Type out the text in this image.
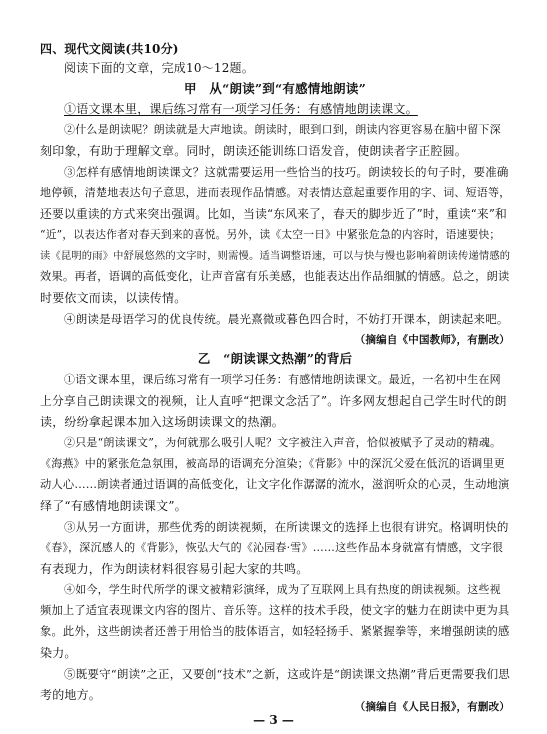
四、现代文阅读(共10分)
阅读下面的文章，完成10～12题。
甲　从“朗读”到“有感情地朗读”
①语文课本里，课后练习常有一项学习任务：有感情地朗读课文。
②什么是朗读呢？朗读就是大声地读。朗读时，眼到口到，朗读内容更容易在脑中留下深
刻印象，有助于理解文章。同时，朗读还能训练口语发音，使朗读者字正腔圆。
③怎样有感情地朗读课文？这就需要运用一些恰当的技巧。朗读较长的句子时，要准确
地停顿，清楚地表达句子意思，进而表现作品情感。对表情达意起重要作用的字、词、短语等，
还要以重读的方式来突出强调。比如，当读“东风来了，春天的脚步近了”时，重读“来”和
“近”，以表达作者对春天到来的喜悦。另外，读《太空一日》中紧张危急的内容时，语速要快；
读《昆明的雨》中舒展悠然的文字时，则需慢。适当调整语速，可以与快与慢也影响着朗读传递情感的
效果。再者，语调的高低变化，让声音富有乐美感，也能表达出作品细腻的情感。总之，朗读
时要依文而读，以读传情。
④朗读是母语学习的优良传统。晨光熹微或暮色四合时，不妨打开课本，朗读起来吧。
（摘编自《中国教师》，有删改）
乙　“朗读课文热潮”的背后
①语文课本里，课后练习常有一项学习任务：有感情地朗读课文。最近，一名初中生在网
上分享自己朗读课文的视频，让人直呼“把课文念活了”。许多网友想起自己学生时代的朗
读，纷纷拿起课本加入这场朗读课文的热潮。
②只是“朗读课文”，为何就那么吸引人呢？文字被注入声音，恰似被赋予了灵动的精魂。
《海燕》中的紧张危急氛围，被高昂的语调充分渲染；《背影》中的深沉父爱在低沉的语调里更
动人心……朗读者通过语调的高低变化，让文字化作潺潺的流水，滋润听众的心灵，生动地演
绎了“有感情地朗读课文”。
③从另一方面讲，那些优秀的朗读视频，在所读课文的选择上也很有讲究。格调明快的
《春》，深沉感人的《背影》，恢弘大气的《沁园春·雪》……这些作品本身就富有情感，文字很
有表现力，作为朗读材料很容易引起大家的共鸣。
④如今，学生时代所学的课文被精彩演绎，成为了互联网上具有热度的朗读视频。这些视
频加上了适宜表现课文内容的图片、音乐等。这样的技术手段，使文字的魅力在朗读中更为具
象。此外，这些朗读者还善于用恰当的肢体语言，如轻轻扬手、紧紧握拳等，来增强朗读的感
染力。
⑤既要守“朗读”之正，又要创“技术”之新，这或许是“朗读课文热潮”背后更需要我们思
考的地方。
（摘编自《人民日报》，有删改）
— 3 —
